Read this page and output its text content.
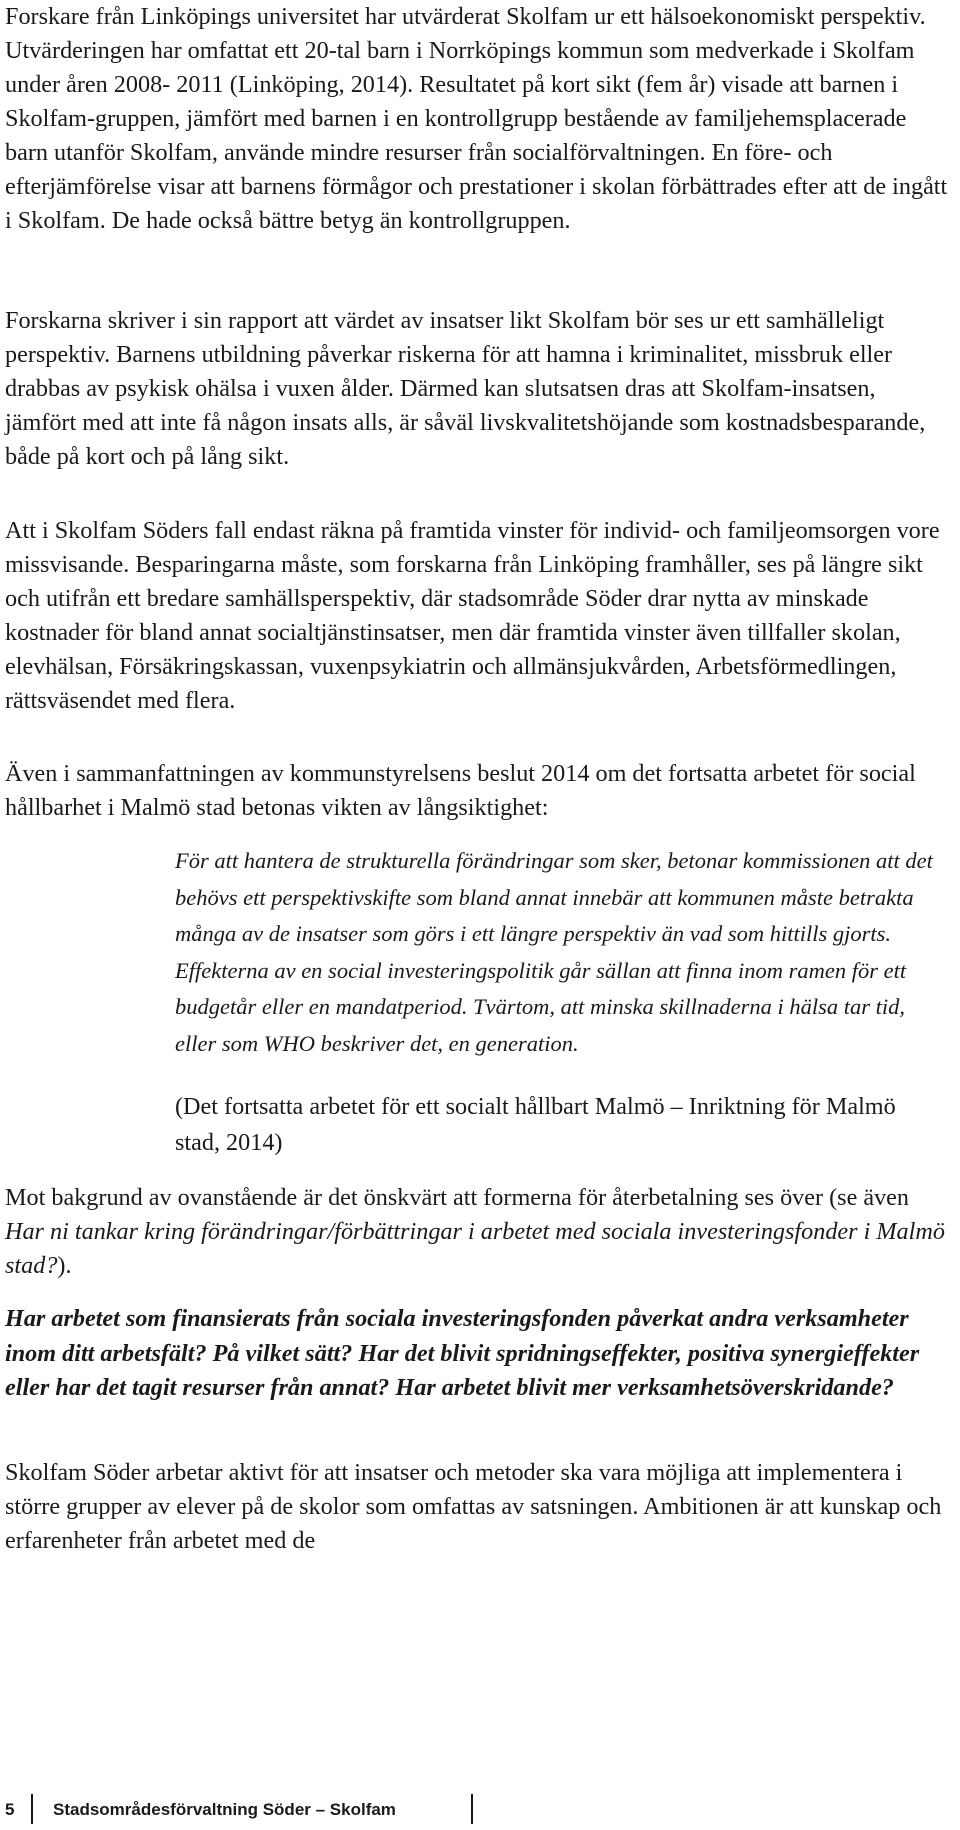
Forskare från Linköpings universitet har utvärderat Skolfam ur ett hälsoekonomiskt perspektiv. Utvärderingen har omfattat ett 20-tal barn i Norrköpings kommun som medverkade i Skolfam under åren 2008- 2011 (Linköping, 2014). Resultatet på kort sikt (fem år) visade att barnen i Skolfam-gruppen, jämfört med barnen i en kontrollgrupp bestående av familjehemsplacerade barn utanför Skolfam, använde mindre resurser från socialförvaltningen. En före- och efterjämförelse visar att barnens förmågor och prestationer i skolan förbättrades efter att de ingått i Skolfam. De hade också bättre betyg än kontrollgruppen.

Forskarna skriver i sin rapport att värdet av insatser likt Skolfam bör ses ur ett samhälleligt perspektiv. Barnens utbildning påverkar riskerna för att hamna i kriminalitet, missbruk eller drabbas av psykisk ohälsa i vuxen ålder. Därmed kan slutsatsen dras att Skolfam-insatsen, jämfört med att inte få någon insats alls, är såväl livskvalitetshöjande som kostnadsbesparande, både på kort och på lång sikt.

Att i Skolfam Söders fall endast räkna på framtida vinster för individ- och familjeomsorgen vore missvisande. Besparingarna måste, som forskarna från Linköping framhåller, ses på längre sikt och utifrån ett bredare samhällsperspektiv, där stadsområde Söder drar nytta av minskade kostnader för bland annat socialtjänstinsatser, men där framtida vinster även tillfaller skolan, elevhälsan, Försäkringskassan, vuxenpsykiatrin och allmänsjukvården, Arbetsförmedlingen, rättsväsendet med flera.

Även i sammanfattningen av kommunstyrelsens beslut 2014 om det fortsatta arbetet för social hållbarhet i Malmö stad betonas vikten av långsiktighet:

För att hantera de strukturella förändringar som sker, betonar kommissionen att det behövs ett perspektivskifte som bland annat innebär att kommunen måste betrakta många av de insatser som görs i ett längre perspektiv än vad som hittills gjorts. Effekterna av en social investeringspolitik går sällan att finna inom ramen för ett budgetår eller en mandatperiod. Tvärtom, att minska skillnaderna i hälsa tar tid, eller som WHO beskriver det, en generation.

(Det fortsatta arbetet för ett socialt hållbart Malmö – Inriktning för Malmö stad, 2014)

Mot bakgrund av ovanstående är det önskvärt att formerna för återbetalning ses över (se även Har ni tankar kring förändringar/förbättringar i arbetet med sociala investeringsfonder i Malmö stad?).

Har arbetet som finansierats från sociala investeringsfonden påverkat andra verksamheter inom ditt arbetsfält? På vilket sätt? Har det blivit spridningseffekter, positiva synergieffekter eller har det tagit resurser från annat? Har arbetet blivit mer verksamhetsöverskridande?

Skolfam Söder arbetar aktivt för att insatser och metoder ska vara möjliga att implementera i större grupper av elever på de skolor som omfattas av satsningen. Ambitionen är att kunskap och erfarenheter från arbetet med de

5 Stadsområdesförvaltning Söder – Skolfam
